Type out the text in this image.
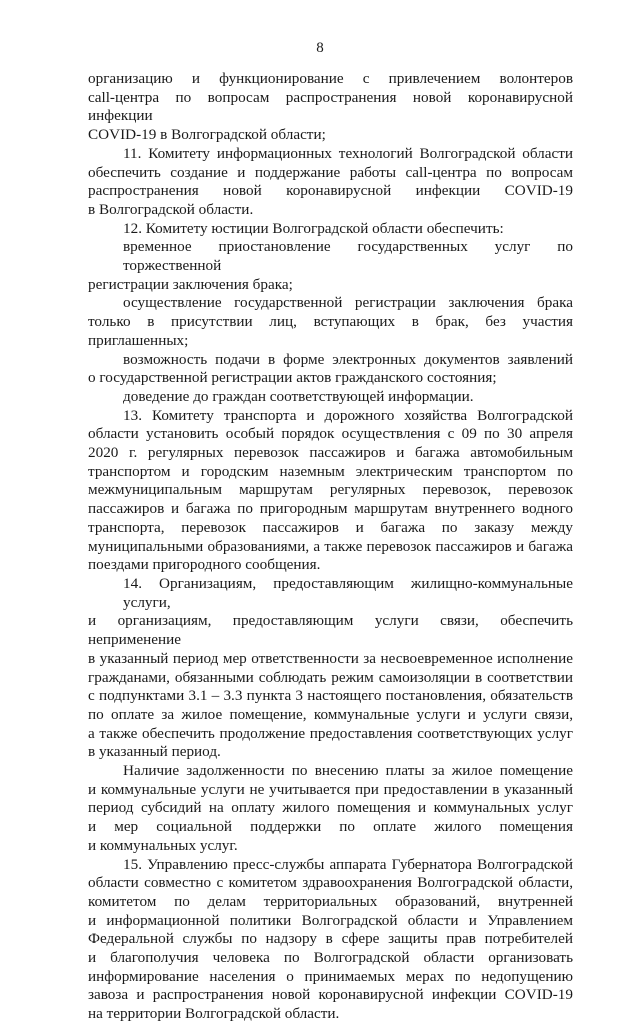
8
организацию и функционирование с привлечением волонтеров
call-центра по вопросам распространения новой коронавирусной инфекции
COVID-19 в Волгоградской области;
11. Комитету информационных технологий Волгоградской области
обеспечить создание и поддержание работы call-центра по вопросам
распространения новой коронавирусной инфекции COVID-19
в Волгоградской области.
12. Комитету юстиции Волгоградской области обеспечить:
временное приостановление государственных услуг по торжественной
регистрации заключения брака;
осуществление государственной регистрации заключения брака
только в присутствии лиц, вступающих в брак, без участия приглашенных;
возможность подачи в форме электронных документов заявлений
о государственной регистрации актов гражданского состояния;
доведение до граждан соответствующей информации.
13. Комитету транспорта и дорожного хозяйства Волгоградской
области установить особый порядок осуществления с 09 по 30 апреля
2020 г. регулярных перевозок пассажиров и багажа автомобильным
транспортом и городским наземным электрическим транспортом по
межмуниципальным маршрутам регулярных перевозок, перевозок
пассажиров и багажа по пригородным маршрутам внутреннего водного
транспорта, перевозок пассажиров и багажа по заказу между
муниципальными образованиями, а также перевозок пассажиров и багажа
поездами пригородного сообщения.
14. Организациям, предоставляющим жилищно-коммунальные услуги,
и организациям, предоставляющим услуги связи, обеспечить неприменение
в указанный период мер ответственности за несвоевременное исполнение
гражданами, обязанными соблюдать режим самоизоляции в соответствии
с подпунктами 3.1 – 3.3 пункта 3 настоящего постановления, обязательств
по оплате за жилое помещение, коммунальные услуги и услуги связи,
а также обеспечить продолжение предоставления соответствующих услуг
в указанный период.
Наличие задолженности по внесению платы за жилое помещение
и коммунальные услуги не учитывается при предоставлении в указанный
период субсидий на оплату жилого помещения и коммунальных услуг
и мер социальной поддержки по оплате жилого помещения
и коммунальных услуг.
15. Управлению пресс-службы аппарата Губернатора Волгоградской
области совместно с комитетом здравоохранения Волгоградской области,
комитетом по делам территориальных образований, внутренней
и информационной политики Волгоградской области и Управлением
Федеральной службы по надзору в сфере защиты прав потребителей
и благополучия человека по Волгоградской области организовать
информирование населения о принимаемых мерах по недопущению
завоза и распространения новой коронавирусной инфекции COVID-19
на территории Волгоградской области.
